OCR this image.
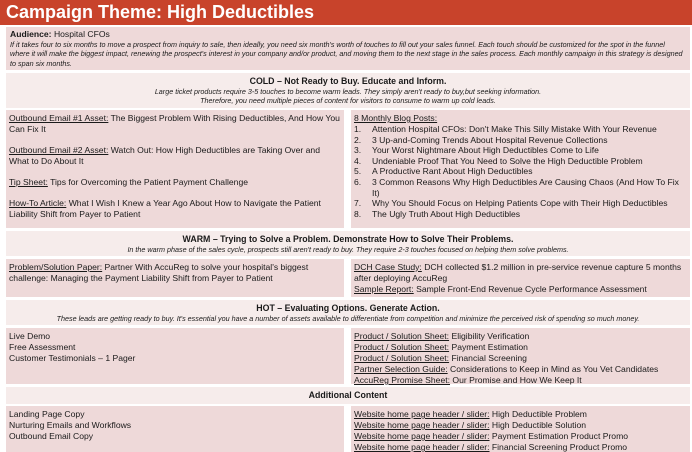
Campaign Theme: High Deductibles
Audience: Hospital CFOs
If it takes four to six months to move a prospect from inquiry to sale, then ideally, you need six month's worth of touches to fill out your sales funnel. Each touch should be customized for the spot in the funnel where it will make the biggest impact, renewing the prospect's interest in your company and/or product, and moving them to the next stage in the sales process. Each monthly campaign in this strategy is designed to span six months.
COLD – Not Ready to Buy. Educate and Inform.
Large ticket products require 3-5 touches to become warm leads. They simply aren't ready to buy,but seeking information.
Therefore, you need multiple pieces of content for visitors to consume to warm up cold leads.
Outbound Email #1 Asset: The Biggest Problem With Rising Deductibles, And How You Can Fix It
Outbound Email #2 Asset: Watch Out: How High Deductibles are Taking Over and What to Do About It
Tip Sheet: Tips for Overcoming the Patient Payment Challenge
How-To Article: What I Wish I Knew a Year Ago About How to Navigate the Patient Liability Shift from Payer to Patient
8 Monthly Blog Posts:
1.	Attention Hospital CFOs: Don't Make This Silly Mistake With Your Revenue
2.	3 Up-and-Coming Trends About Hospital Revenue Collections
3.	Your Worst Nightmare About High Deductibles Come to Life
4.	Undeniable Proof That You Need to Solve the High Deductible Problem
5.	A Productive Rant About High Deductibles
6.	3 Common Reasons Why High Deductibles Are Causing Chaos (And How To Fix It)
7.	Why You Should Focus on Helping Patients Cope with Their High Deductibles
8.	The Ugly Truth About High Deductibles
WARM – Trying to Solve a Problem. Demonstrate How to Solve Their Problems.
In the warm phase of the sales cycle, prospects still aren't ready to buy. They require 2-3 touches focused on helping them solve problems.
Problem/Solution Paper: Partner With AccuReg to solve your hospital's biggest challenge: Managing the Payment Liability Shift from Payer to Patient
DCH Case Study: DCH collected $1.2 million in pre-service revenue capture 5 months after deploying AccuReg
Sample Report: Sample Front-End Revenue Cycle Performance Assessment
HOT – Evaluating Options. Generate Action.
These leads are getting ready to buy. It's essential you have a number of assets available to differentiate from competition and minimize the perceived risk of spending so much money.
Live Demo
Free Assessment
Customer Testimonials – 1 Pager
Product / Solution Sheet: Eligibility Verification
Product / Solution Sheet: Payment Estimation
Product / Solution Sheet: Financial Screening
Partner Selection Guide: Considerations to Keep in Mind as You Vet Candidates
AccuReg Promise Sheet: Our Promise and How We Keep It
Additional Content
Landing Page Copy
Nurturing Emails and Workflows
Outbound Email Copy
Website home page header / slider: High Deductible Problem
Website home page header / slider: High Deductible Solution
Website home page header / slider: Payment Estimation Product Promo
Website home page header / slider: Financial Screening Product Promo
